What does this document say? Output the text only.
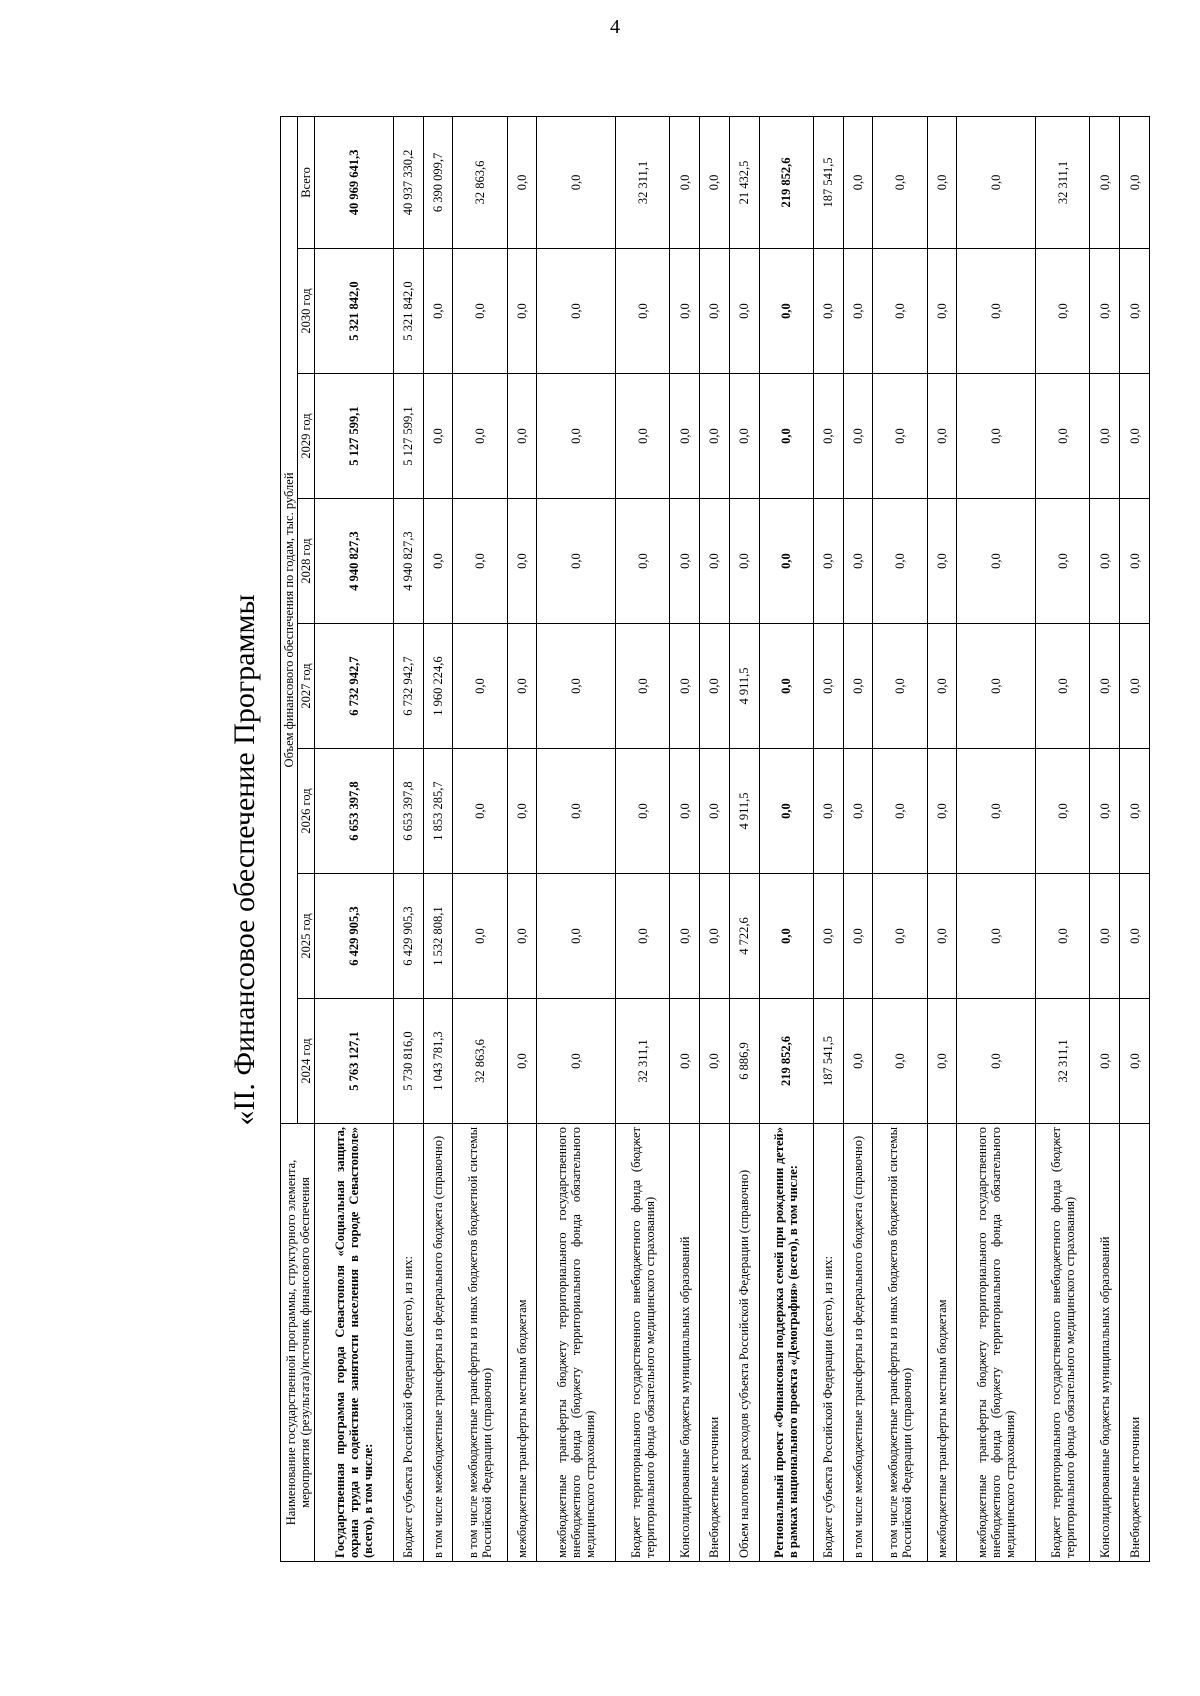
4
«II. Финансовое обеспечение Программы
Наименование государственной программы, структурного элемента, мероприятия (результата)/источник финансового обеспечения	Объем финансового обеспечения по годам, тыс. рублей							
	2024 год	2025 год	2026 год	2027 год	2028 год	2029 год	2030 год	Всего
Государственная программа города Севастополя «Социальная защита, охрана труда и содействие занятости населения в городе Севастополе» (всего), в том числе:	5 763 127,1	6 429 905,3	6 653 397,8	6 732 942,7	4 940 827,3	5 127 599,1	5 321 842,0	40 969 641,3
Бюджет субъекта Российской Федерации (всего), из них:	5 730 816,0	6 429 905,3	6 653 397,8	6 732 942,7	4 940 827,3	5 127 599,1	5 321 842,0	40 937 330,2
в том числе межбюджетные трансферты из федерального бюджета (справочно)	1 043 781,3	1 532 808,1	1 853 285,7	1 960 224,6	0,0	0,0	0,0	6 390 099,7
в том числе межбюджетные трансферты из иных бюджетов бюджетной системы Российской Федерации (справочно)	32 863,6	0,0	0,0	0,0	0,0	0,0	0,0	32 863,6
межбюджетные трансферты местным бюджетам	0,0	0,0	0,0	0,0	0,0	0,0	0,0	0,0
межбюджетные трансферты бюджету территориального государственного внебюджетного фонда (бюджету территориального фонда обязательного медицинского страхования)	0,0	0,0	0,0	0,0	0,0	0,0	0,0	0,0
Бюджет территориального государственного внебюджетного фонда (бюджет территориального фонда обязательного медицинского страхования)	32 311,1	0,0	0,0	0,0	0,0	0,0	0,0	32 311,1
Консолидированные бюджеты муниципальных образований	0,0	0,0	0,0	0,0	0,0	0,0	0,0	0,0
Внебюджетные источники	0,0	0,0	0,0	0,0	0,0	0,0	0,0	0,0
Объем налоговых расходов субъекта Российской Федерации (справочно)	6 886,9	4 722,6	4 911,5	4 911,5	0,0	0,0	0,0	21 432,5
Региональный проект «Финансовая поддержка семей при рождении детей» в рамках национального проекта «Демография» (всего), в том числе:	219 852,6	0,0	0,0	0,0	0,0	0,0	0,0	219 852,6
Бюджет субъекта Российской Федерации (всего), из них:	187 541,5	0,0	0,0	0,0	0,0	0,0	0,0	187 541,5
в том числе межбюджетные трансферты из федерального бюджета (справочно)	0,0	0,0	0,0	0,0	0,0	0,0	0,0	0,0
в том числе межбюджетные трансферты из иных бюджетов бюджетной системы Российской Федерации (справочно)	0,0	0,0	0,0	0,0	0,0	0,0	0,0	0,0
межбюджетные трансферты местным бюджетам	0,0	0,0	0,0	0,0	0,0	0,0	0,0	0,0
межбюджетные трансферты бюджету территориального государственного внебюджетного фонда (бюджету территориального фонда обязательного медицинского страхования)	0,0	0,0	0,0	0,0	0,0	0,0	0,0	0,0
Бюджет территориального государственного внебюджетного фонда (бюджет территориального фонда обязательного медицинского страхования)	32 311,1	0,0	0,0	0,0	0,0	0,0	0,0	32 311,1
Консолидированные бюджеты муниципальных образований	0,0	0,0	0,0	0,0	0,0	0,0	0,0	0,0
Внебюджетные источники	0,0	0,0	0,0	0,0	0,0	0,0	0,0	0,0
